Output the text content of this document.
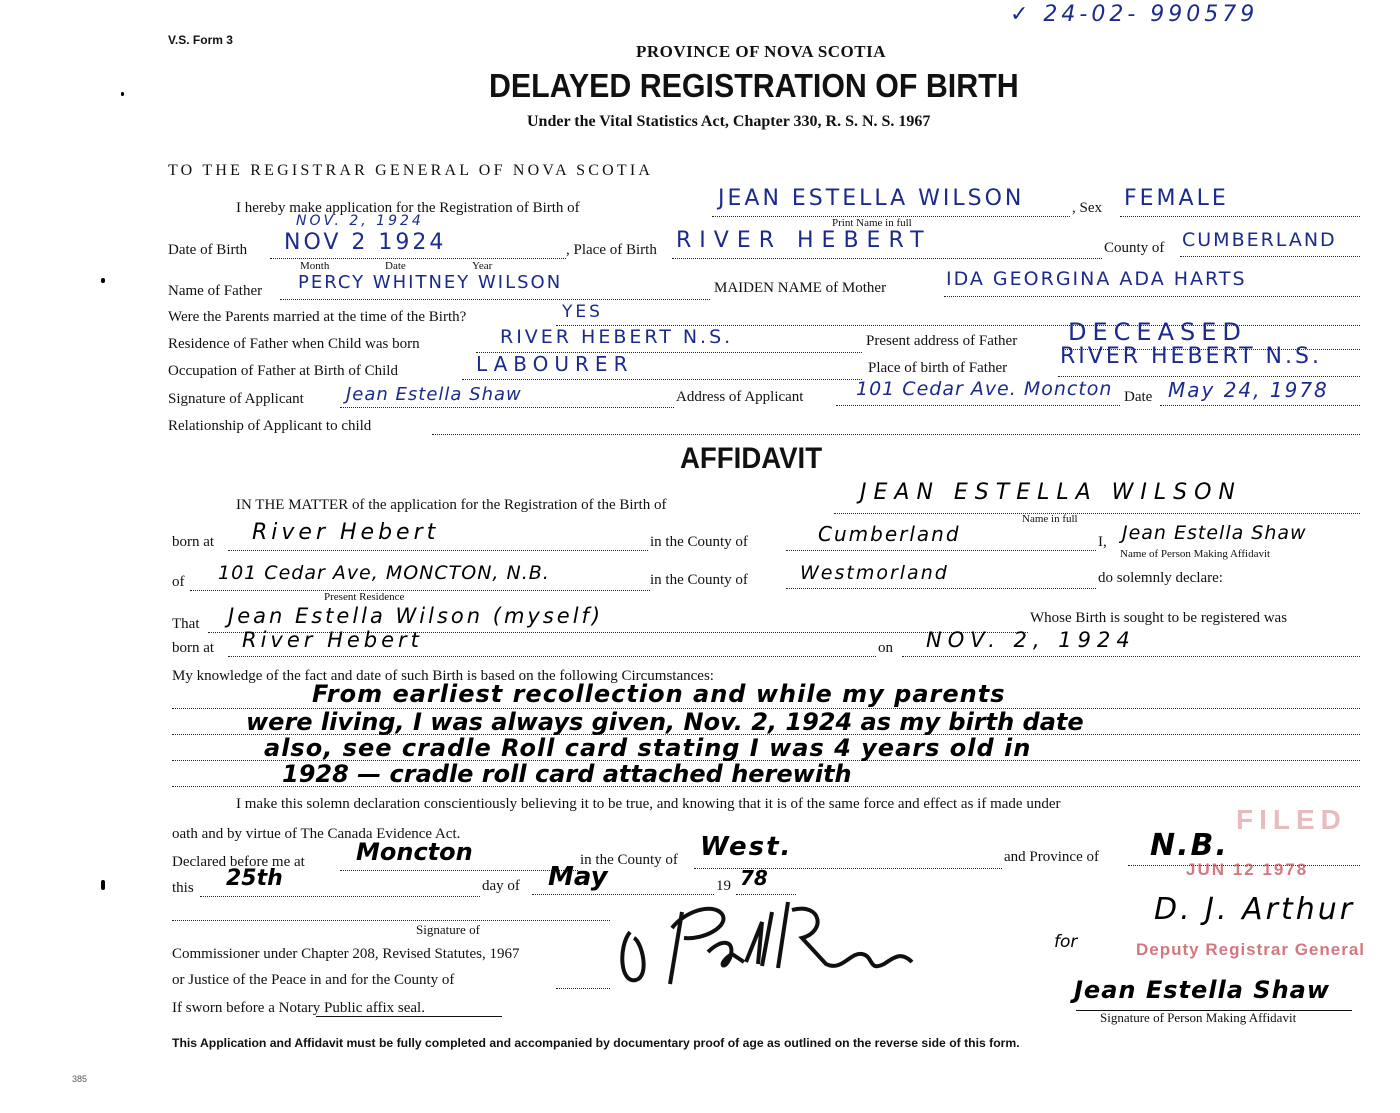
V.S. Form 3
✓ 24-02- 990579
PROVINCE OF NOVA SCOTIA
DELAYED REGISTRATION OF BIRTH
Under the Vital Statistics Act, Chapter 330, R. S. N. S. 1967
TO THE REGISTRAR GENERAL OF NOVA SCOTIA
I hereby make application for the Registration of Birth of	JEAN ESTELLA WILSON
Print Name in full
, Sex FEMALE
NOV. 2, 1924
Date of Birth NOV 2 1924
Month	Date	Year
, Place of Birth RIVER HEBERT	County of CUMBERLAND
Name of Father PERCY WHITNEY WILSON	MAIDEN NAME of Mother	IDA GEORGINA ADA HARTS
Were the Parents married at the time of the Birth?	YES
Residence of Father when Child was born	RIVER HEBERT N.S.	Present address of Father DECEASED
Occupation of Father at Birth of Child	LABOURER	Place of birth of Father RIVER HEBERT N.S.
Signature of Applicant Jean Estella Shaw	Address of Applicant	101 Cedar Ave. Moncton Date May 24, 1978
Relationship of Applicant to child
AFFIDAVIT
IN THE MATTER of the application for the Registration of the Birth of	JEAN ESTELLA WILSON
Name in full
born at River Hebert	in the County of	Cumberland	I, Jean Estella Shaw
Name of Person Making Affidavit
of 101 Cedar Ave, MONCTON, N.B.
Present Residence
in the County of	Westmorland	do solemnly declare:
That Jean Estella Wilson (myself)	Whose Birth is sought to be registered was
born at River Hebert	on NOV. 2, 1924
My knowledge of the fact and date of such Birth is based on the following Circumstances:
From earliest recollection and while my parents
were living, I was always given, Nov. 2, 1924 as my birth date
also, see cradle Roll card stating I was 4 years old in
1928 — cradle roll card attached herewith
I make this solemn declaration conscientiously believing it to be true, and knowing that it is of the same force and effect as if made under
oath and by virtue of The Canada Evidence Act.
Declared before me at Moncton	in the County of West.	and Province of N.B.
this 25th	day of May	19 78
Signature of
Commissioner under Chapter 208, Revised Statutes, 1967
or Justice of the Peace in and for the County of
If sworn before a Notary Public affix seal.
FILED
JUN 12 1978
D. J. Arthur
for	Deputy Registrar General
Jean Estella Shaw
Signature of Person Making Affidavit
This Application and Affidavit must be fully completed and accompanied by documentary proof of age as outlined on the reverse side of this form.
385
